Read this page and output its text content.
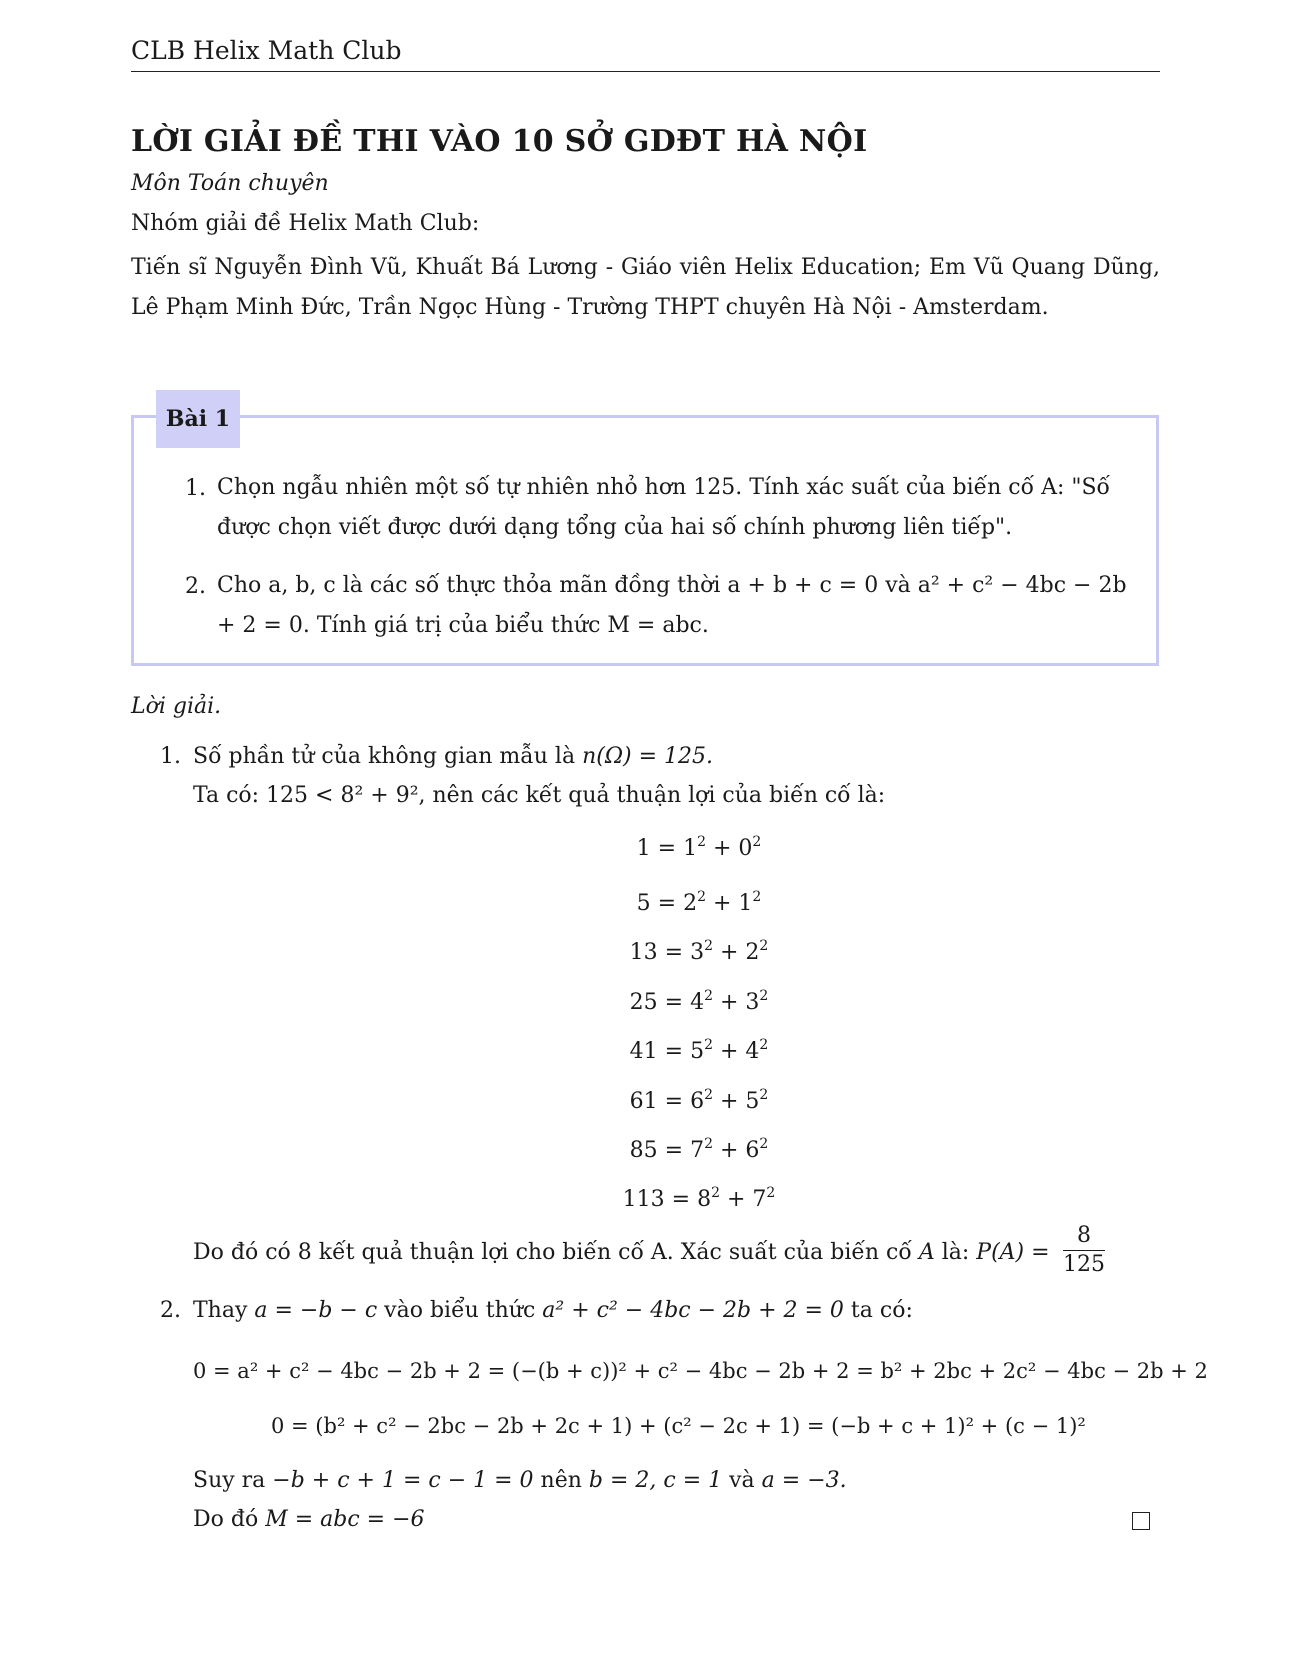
CLB Helix Math Club
LỜI GIẢI ĐỀ THI VÀO 10 SỞ GDĐT HÀ NỘI
Môn Toán chuyên
Nhóm giải đề Helix Math Club:
Tiến sĩ Nguyễn Đình Vũ, Khuất Bá Lương - Giáo viên Helix Education; Em Vũ Quang Dũng, Lê Phạm Minh Đức, Trần Ngọc Hùng - Trường THPT chuyên Hà Nội - Amsterdam.
Bài 1
1. Chọn ngẫu nhiên một số tự nhiên nhỏ hơn 125. Tính xác suất của biến cố A: "Số được chọn viết được dưới dạng tổng của hai số chính phương liên tiếp".
2. Cho a, b, c là các số thực thỏa mãn đồng thời a + b + c = 0 và a² + c² − 4bc − 2b + 2 = 0. Tính giá trị của biểu thức M = abc.
Lời giải.
1. Số phần tử của không gian mẫu là n(Ω) = 125.
Ta có: 125 < 8² + 9², nên các kết quả thuận lợi của biến cố là:
$1 = 1^2 + 0^2$
$5 = 2^2 + 1^2$
$13 = 3^2 + 2^2$
$25 = 4^2 + 3^2$
$41 = 5^2 + 4^2$
$61 = 6^2 + 5^2$
$85 = 7^2 + 6^2$
$113 = 8^2 + 7^2$
Do đó có 8 kết quả thuận lợi cho biến cố A. Xác suất của biến cố A là: $P(A) = \frac{8}{125}$
2. Thay a = −b − c vào biểu thức a² + c² − 4bc − 2b + 2 = 0 ta có:
0 = a² + c² − 4bc − 2b + 2 = (−(b + c))² + c² − 4bc − 2b + 2 = b² + 2bc + 2c² − 4bc − 2b + 2
0 = (b² + c² − 2bc − 2b + 2c + 1) + (c² − 2c + 1) = (−b + c + 1)² + (c − 1)²
Suy ra −b + c + 1 = c − 1 = 0 nên b = 2, c = 1 và a = −3.
Do đó M = abc = −6
